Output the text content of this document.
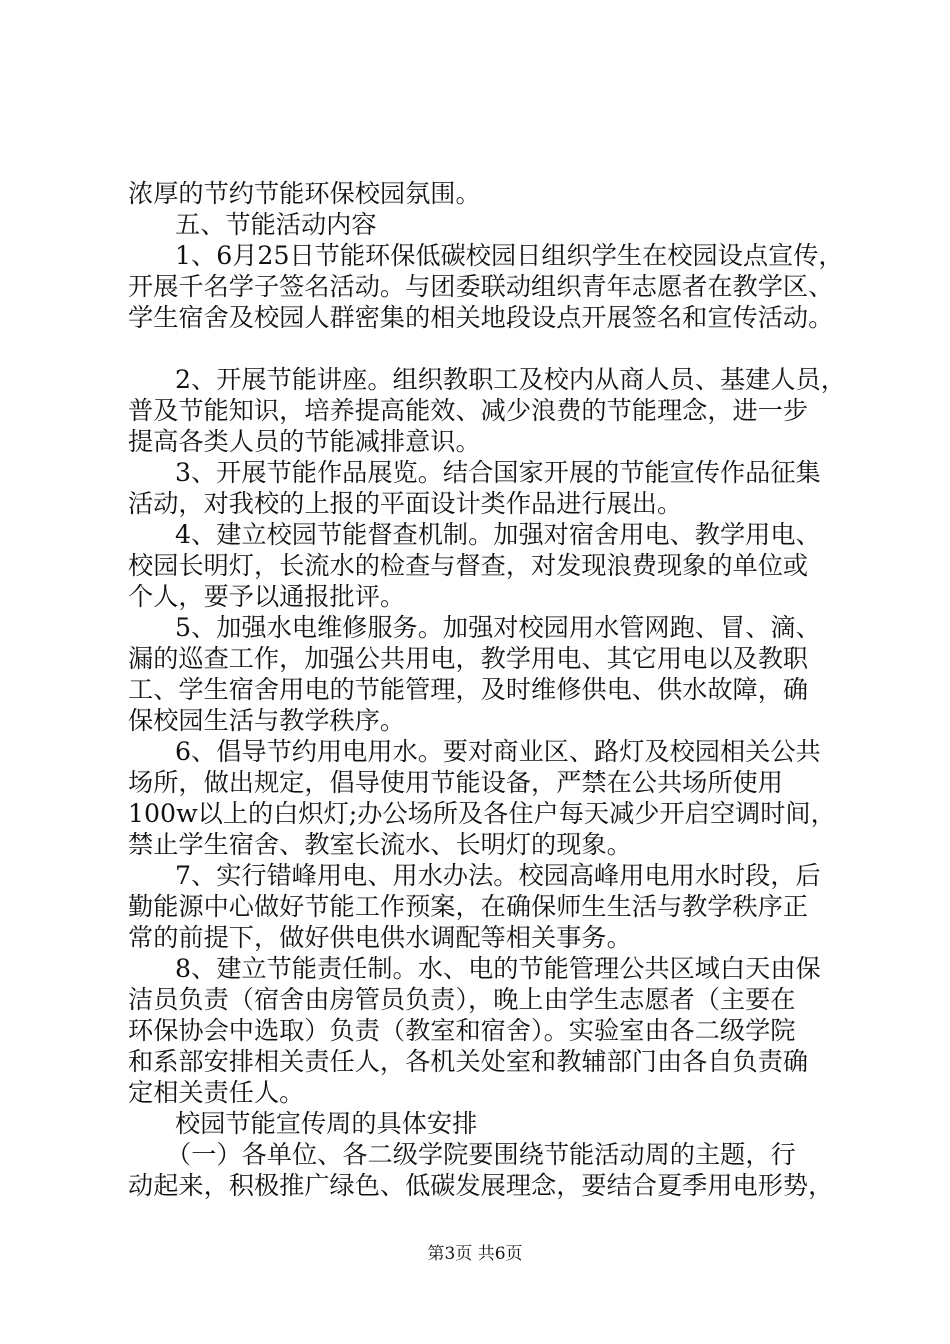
浓厚的节约节能环保校园氛围。
五、节能活动内容
1、6月25日节能环保低碳校园日组织学生在校园设点宣传，
开展千名学子签名活动。与团委联动组织青年志愿者在教学区、
学生宿舍及校园人群密集的相关地段设点开展签名和宣传活动。
2、开展节能讲座。组织教职工及校内从商人员、基建人员，
普及节能知识，培养提高能效、减少浪费的节能理念，进一步
提高各类人员的节能减排意识。
3、开展节能作品展览。结合国家开展的节能宣传作品征集
活动，对我校的上报的平面设计类作品进行展出。
4、建立校园节能督查机制。加强对宿舍用电、教学用电、
校园长明灯，长流水的检查与督查，对发现浪费现象的单位或
个人，要予以通报批评。
5、加强水电维修服务。加强对校园用水管网跑、冒、滴、
漏的巡查工作，加强公共用电，教学用电、其它用电以及教职
工、学生宿舍用电的节能管理，及时维修供电、供水故障，确
保校园生活与教学秩序。
6、倡导节约用电用水。要对商业区、路灯及校园相关公共
场所，做出规定，倡导使用节能设备，严禁在公共场所使用
100w以上的白炽灯;办公场所及各住户每天减少开启空调时间，
禁止学生宿舍、教室长流水、长明灯的现象。
7、实行错峰用电、用水办法。校园高峰用电用水时段，后
勤能源中心做好节能工作预案，在确保师生生活与教学秩序正
常的前提下，做好供电供水调配等相关事务。
8、建立节能责任制。水、电的节能管理公共区域白天由保
洁员负责（宿舍由房管员负责），晚上由学生志愿者（主要在
环保协会中选取）负责（教室和宿舍）。实验室由各二级学院
和系部安排相关责任人，各机关处室和教辅部门由各自负责确
定相关责任人。
校园节能宣传周的具体安排
（一）各单位、各二级学院要围绕节能活动周的主题，行
动起来，积极推广绿色、低碳发展理念，要结合夏季用电形势，
第3页 共6页
